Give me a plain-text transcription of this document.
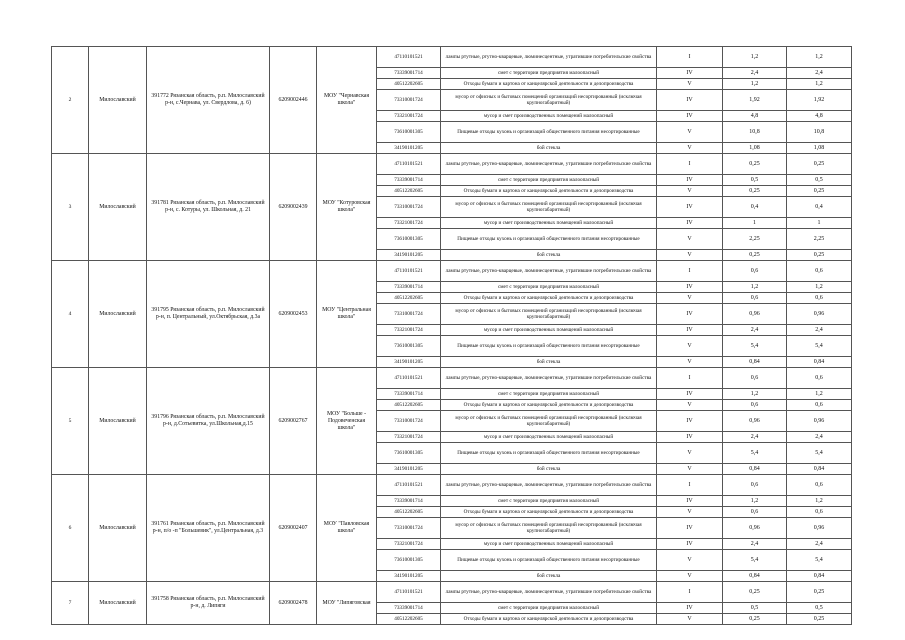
2	Милославский	391772 Рязанская область, р.п. Милославский р-н, с.Чернава, ул. Свердлова, д. 6)	6209002446	МОУ "Чернавская школа"	47110101521	лампы ртутные, ртутно-кварцевые, люминесцентные, утратившие потребительские свойства	I	1,2	1,2
					73339001714	смет с территории предприятия малоопасный	IV	2,4	2,4
					40512202605	Отходы бумаги и картона от канцелярской деятельности и делопроизводства	V	1,2	1,2
					73310001724	мусор от офисных и бытовых помещений организаций несортированный (исключая крупногабаритный)	IV	1,92	1,92
					73321001724	мусор и смет производственных помещений малоопасный	IV	4,8	4,8
					73610001305	Пищевые отходы кухонь и организаций общественного питания несортированные	V	10,8	10,8
					34190101205	бой стекла	V	1,08	1,08
3	Милославский	391781 Рязанская область, р.п. Милославский р-н, с. Котуры, ул. Школьная, д. 21	6209002439	МОУ "Котуровская школа"	47110101521	лампы ртутные, ртутно-кварцевые, люминесцентные, утратившие потребительские свойства	I	0,25	0,25
					73339001714	смет с территории предприятия малоопасный	IV	0,5	0,5
					40512202605	Отходы бумаги и картона от канцелярской деятельности и делопроизводства	V	0,25	0,25
					73310001724	мусор от офисных и бытовых помещений организаций несортированный (исключая крупногабаритный)	IV	0,4	0,4
					73321001724	мусор и смет производственных помещений малоопасный	IV	1	1
					73610001305	Пищевые отходы кухонь и организаций общественного питания несортированные	V	2,25	2,25
					34190101205	бой стекла	V	0,25	0,25
4	Милославский	391795 Рязанская область, р.п. Милославский р-н, п. Центральный, ул.Октябрьская, д.3а	6209002453	МОУ "Центральная школа"	47110101521	лампы ртутные, ртутно-кварцевые, люминесцентные, утратившие потребительские свойства	I	0,6	0,6
					73339001714	смет с территории предприятия малоопасный	IV	1,2	1,2
					40512202605	Отходы бумаги и картона от канцелярской деятельности и делопроизводства	V	0,6	0,6
					73310001724	мусор от офисных и бытовых помещений организаций несортированный (исключая крупногабаритный)	IV	0,96	0,96
					73321001724	мусор и смет производственных помещений малоопасный	IV	2,4	2,4
					73610001305	Пищевые отходы кухонь и организаций общественного питания несортированные	V	5,4	5,4
					34190101205	бой стекла	V	0,84	0,84
5	Милославский	391796 Рязанская область, р.п. Милославский р-н, д.Сотьевитка, ул.Школьная,д.15	6209002767	МОУ "Больше - Подовеченская школа"	47110101521	лампы ртутные, ртутно-кварцевые, люминесцентные, утратившие потребительские свойства	I	0,6	0,6
					73339001714	смет с территории предприятия малоопасный	IV	1,2	1,2
					40512202605	Отходы бумаги и картона от канцелярской деятельности и делопроизводства	V	0,6	0,6
					73310001724	мусор от офисных и бытовых помещений организаций несортированный (исключая крупногабаритный)	IV	0,96	0,96
					73321001724	мусор и смет производственных помещений малоопасный	IV	2,4	2,4
					73610001305	Пищевые отходы кухонь и организаций общественного питания несортированные	V	5,4	5,4
					34190101205	бой стекла	V	0,84	0,84
6	Милославский	391761 Рязанская область, р.п. Милославский р-н, п/о -п "Большевик", ул.Центральная, д.3	6209002407	МОУ "Павловская школа"	47110101521	лампы ртутные, ртутно-кварцевые, люминесцентные, утратившие потребительские свойства	I	0,6	0,6
					73339001714	смет с территории предприятия малоопасный	IV	1,2	1,2
					40512202605	Отходы бумаги и картона от канцелярской деятельности и делопроизводства	V	0,6	0,6
					73310001724	мусор от офисных и бытовых помещений организаций несортированный (исключая крупногабаритный)	IV	0,96	0,96
					73321001724	мусор и смет производственных помещений малоопасный	IV	2,4	2,4
					73610001305	Пищевые отходы кухонь и организаций общественного питания несортированные	V	5,4	5,4
					34190101205	бой стекла	V	0,84	0,84
7	Милославский	391758 Рязанская область, р.п. Милославский р-н, д. Липяги	6209002478	МОУ "Липяговская	47110101521	лампы ртутные, ртутно-кварцевые, люминесцентные, утратившие потребительские свойства	I	0,25	0,25
					73339001714	смет с территории предприятия малоопасный	IV	0,5	0,5
					40512202605	Отходы бумаги и картона от канцелярской деятельности и делопроизводства	V	0,25	0,25
